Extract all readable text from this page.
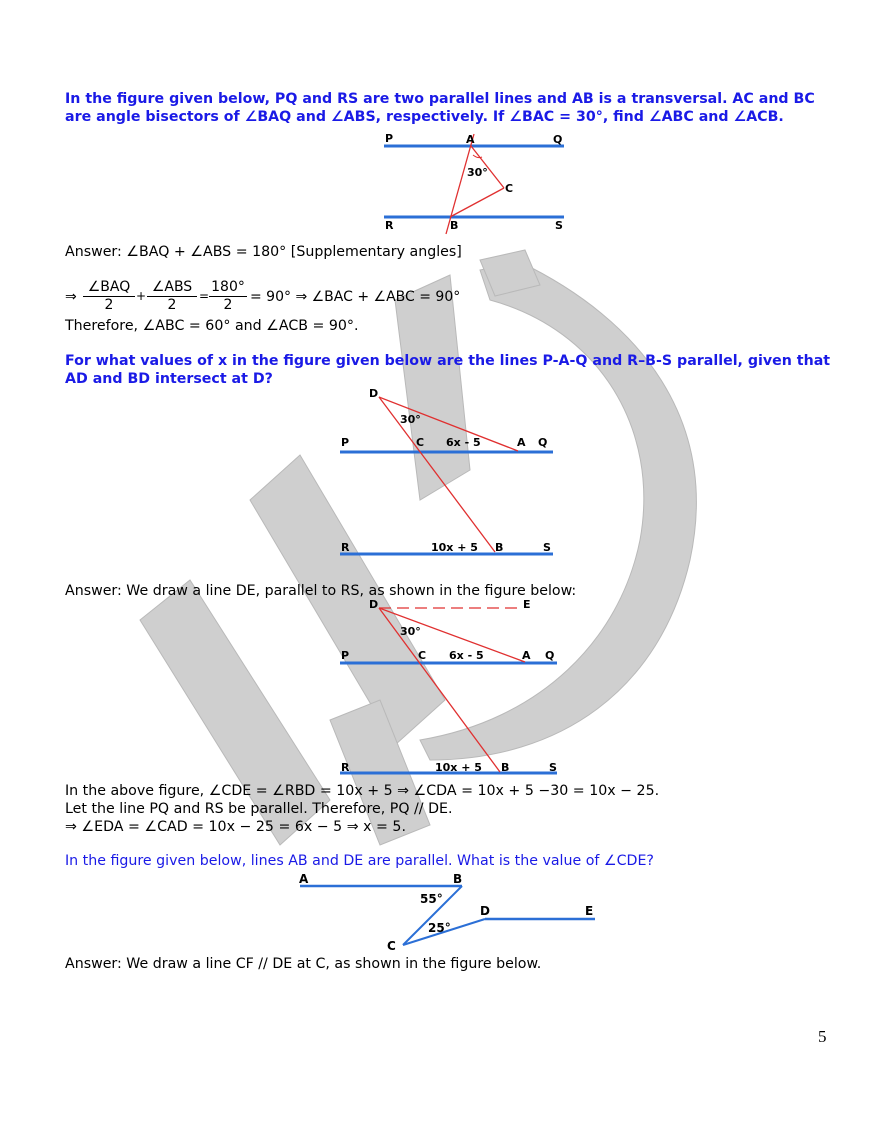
In the figure given below, PQ and RS are two parallel lines and AB is a transversal. AC and BC are angle bisectors of ∠BAQ and ∠ABS, respectively. If ∠BAC = 30°, find ∠ABC and ∠ACB.
P	A	Q
30°
C
R	B	S
Answer: ∠BAQ + ∠ABS = 180° [Supplementary angles]
⇒
∠BAQ
2
+
∠ABS
2
= $\frac{180^\circ}{2} = 90^\circ$ ⇒ ∠BAC + ∠ABC = 90°
Therefore, ∠ABC = 60° and ∠ACB = 90°.
For what values of x in the figure given below are the lines P-A-Q and R–B-S parallel, given that AD and BD intersect at D?
D
30°
P	C 6x - 5	A Q
R	10x + 5 B	S
Answer: We draw a line DE, parallel to RS, as shown in the figure below:
D	E
30°
P	C 6x - 5	A Q
R	10x + 5 B	S
In the above figure, ∠CDE = ∠RBD = 10x + 5 ⇒ ∠CDA = 10x + 5 −30 = 10x − 25.
Let the line PQ and RS be parallel. Therefore, PQ // DE.
⇒ ∠EDA = ∠CAD = 10x − 25 = 6x − 5 ⇒ x = 5.
In the figure given below, lines AB and DE are parallel. What is the value of ∠CDE?
A	B
55°
D	E
25°
C
Answer: We draw a line CF // DE at C, as shown in the figure below.
5
